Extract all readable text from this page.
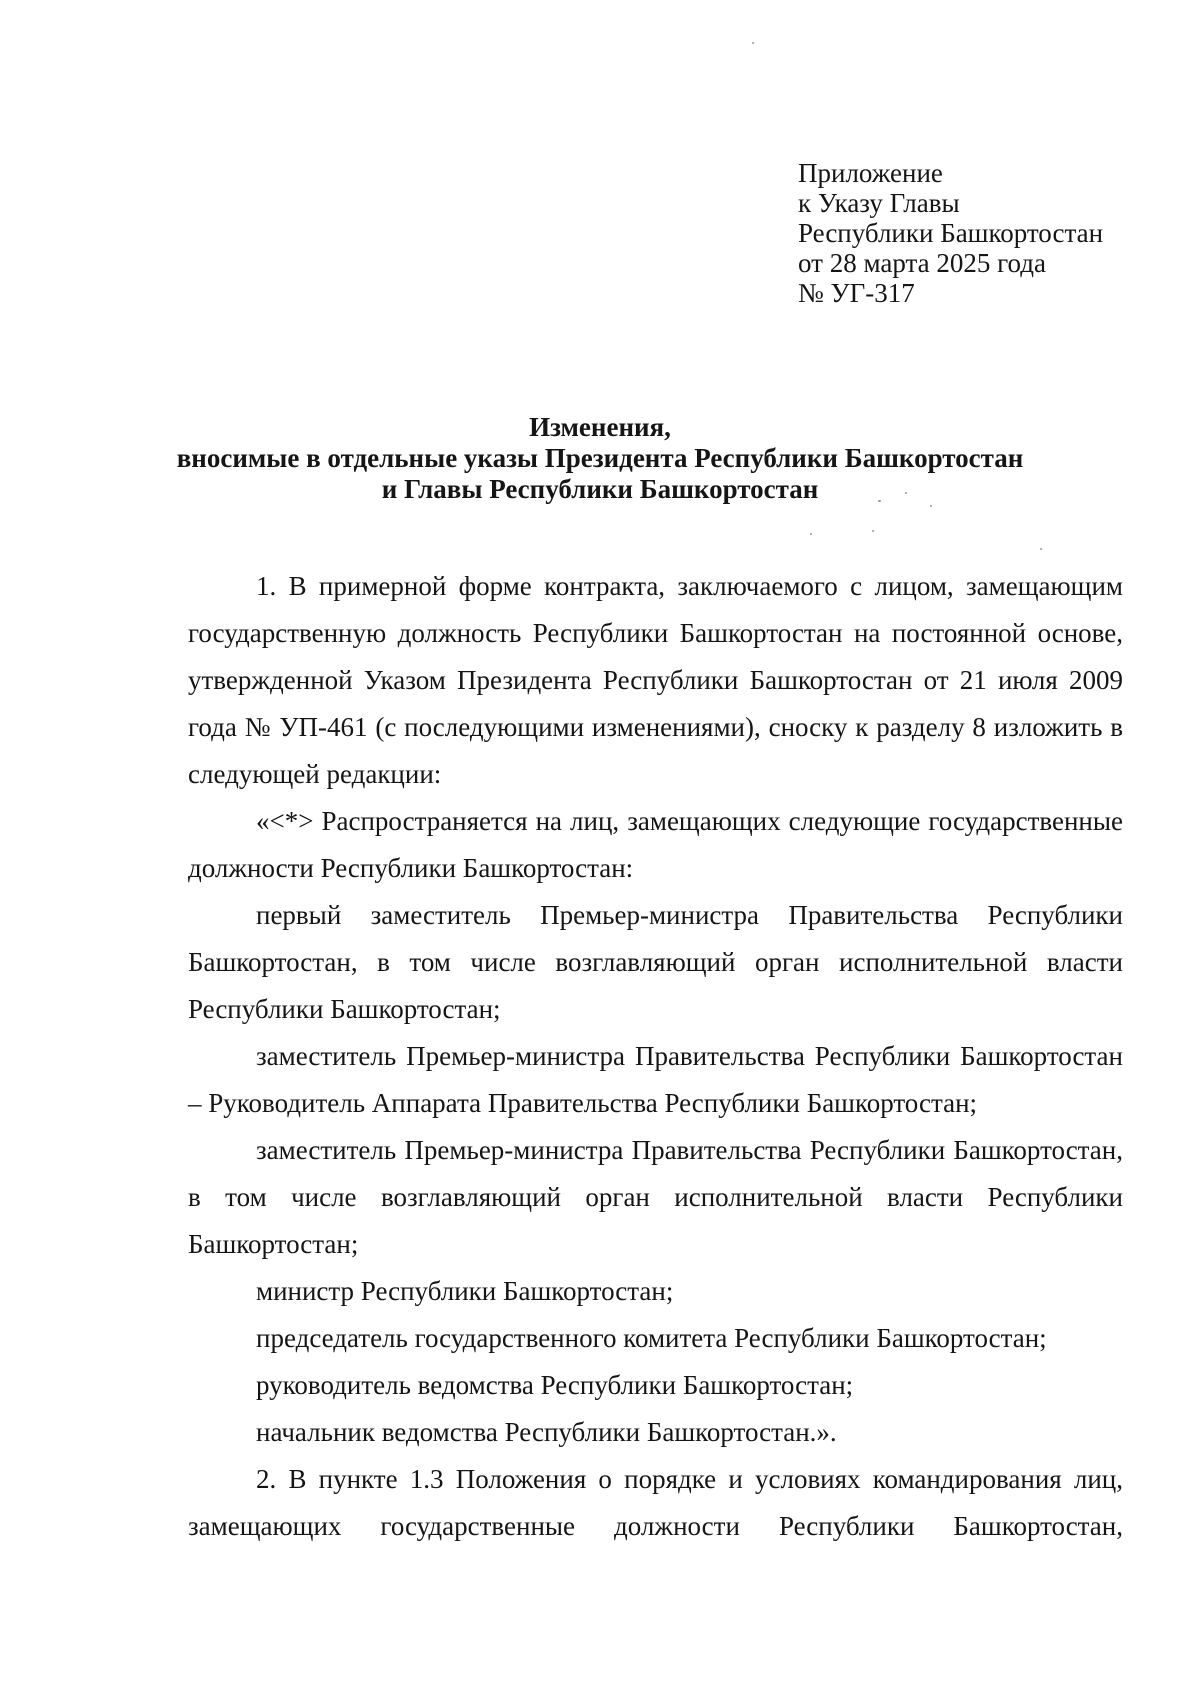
Приложение
к Указу Главы
Республики Башкортостан
от 28 марта 2025 года
№ УГ-317
Изменения,
вносимые в отдельные указы Президента Республики Башкортостан
и Главы Республики Башкортостан

1. В примерной форме контракта, заключаемого с лицом, замещающим государственную должность Республики Башкортостан на постоянной основе, утвержденной Указом Президента Республики Башкортостан от 21 июля 2009 года № УП-461 (с последующими изменениями), сноску к разделу 8 изложить в следующей редакции:

«<*> Распространяется на лиц, замещающих следующие государственные должности Республики Башкортостан:

первый заместитель Премьер-министра Правительства Республики Башкортостан, в том числе возглавляющий орган исполнительной власти Республики Башкортостан;

заместитель Премьер-министра Правительства Республики Башкортостан – Руководитель Аппарата Правительства Республики Башкортостан;

заместитель Премьер-министра Правительства Республики Башкортостан, в том числе возглавляющий орган исполнительной власти Республики Башкортостан;

министр Республики Башкортостан;

председатель государственного комитета Республики Башкортостан;

руководитель ведомства Республики Башкортостан;

начальник ведомства Республики Башкортостан.».

2. В пункте 1.3 Положения о порядке и условиях командирования лиц, замещающих государственные должности Республики Башкортостан,
